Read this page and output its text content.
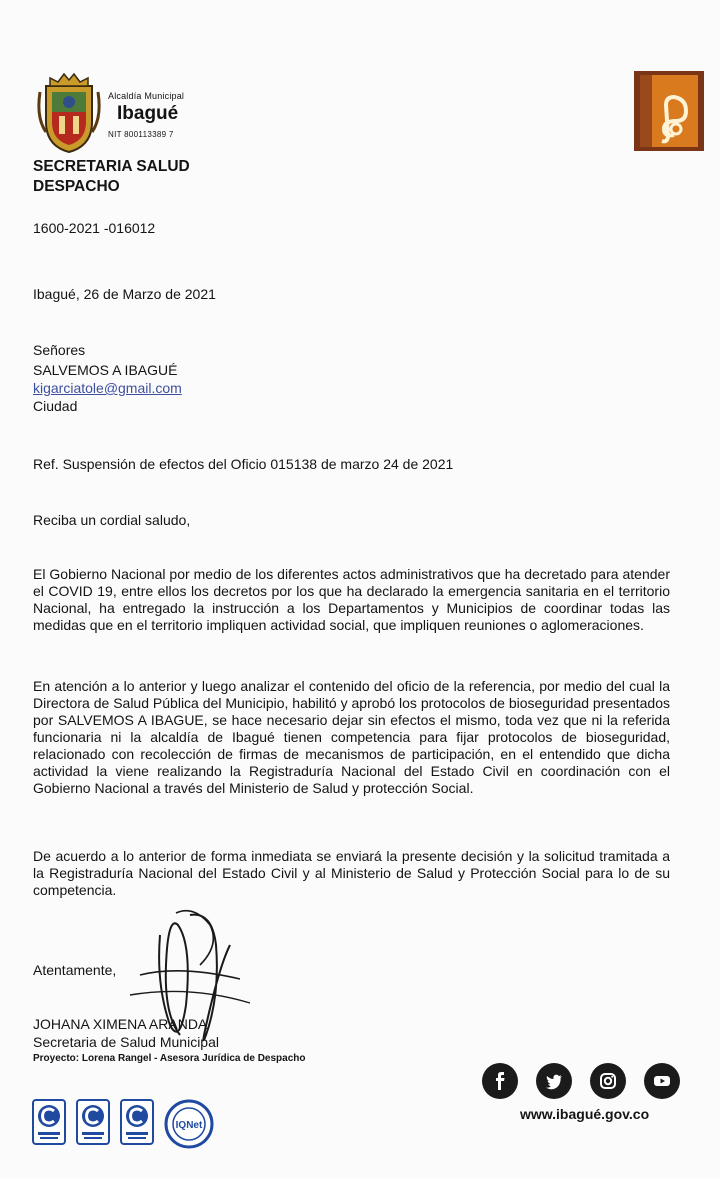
Alcaldía Municipal
Ibagué
NIT 800113389 7
SECRETARIA SALUD
DESPACHO
1600-2021 -016012
Ibagué, 26 de Marzo de 2021
Señores
SALVEMOS A IBAGUÉ
kigarciatole@gmail.com
Ciudad
Ref. Suspensión de efectos del Oficio 015138 de marzo 24 de 2021
Reciba un cordial saludo,
El Gobierno Nacional por medio de los diferentes actos administrativos que ha decretado para atender el COVID 19, entre ellos los decretos por los que ha declarado la emergencia sanitaria en el territorio Nacional, ha entregado la instrucción a los Departamentos y Municipios de coordinar todas las medidas que en el territorio impliquen actividad social, que impliquen reuniones o aglomeraciones.
En atención a lo anterior y luego analizar el contenido del oficio de la referencia, por medio del cual la Directora de Salud Pública del Municipio, habilitó y aprobó los protocolos de bioseguridad presentados por SALVEMOS A IBAGUE, se hace necesario dejar sin efectos el mismo, toda vez que ni la referida funcionaria ni la alcaldía de Ibagué tienen competencia para fijar protocolos de bioseguridad, relacionado con recolección de firmas de mecanismos de participación, en el entendido que dicha actividad la viene realizando la Registraduría Nacional del Estado Civil en coordinación con el Gobierno Nacional a través del Ministerio de Salud y protección Social.
De acuerdo a lo anterior de forma inmediata se enviará la presente decisión y la solicitud tramitada a la Registraduría Nacional del Estado Civil y al Ministerio de Salud y Protección Social para lo de su competencia.
Atentamente,
JOHANA XIMENA ARANDA
Secretaria de Salud Municipal
Proyecto: Lorena Rangel - Asesora Jurídica de Despacho
www.ibagué.gov.co
IQNet
